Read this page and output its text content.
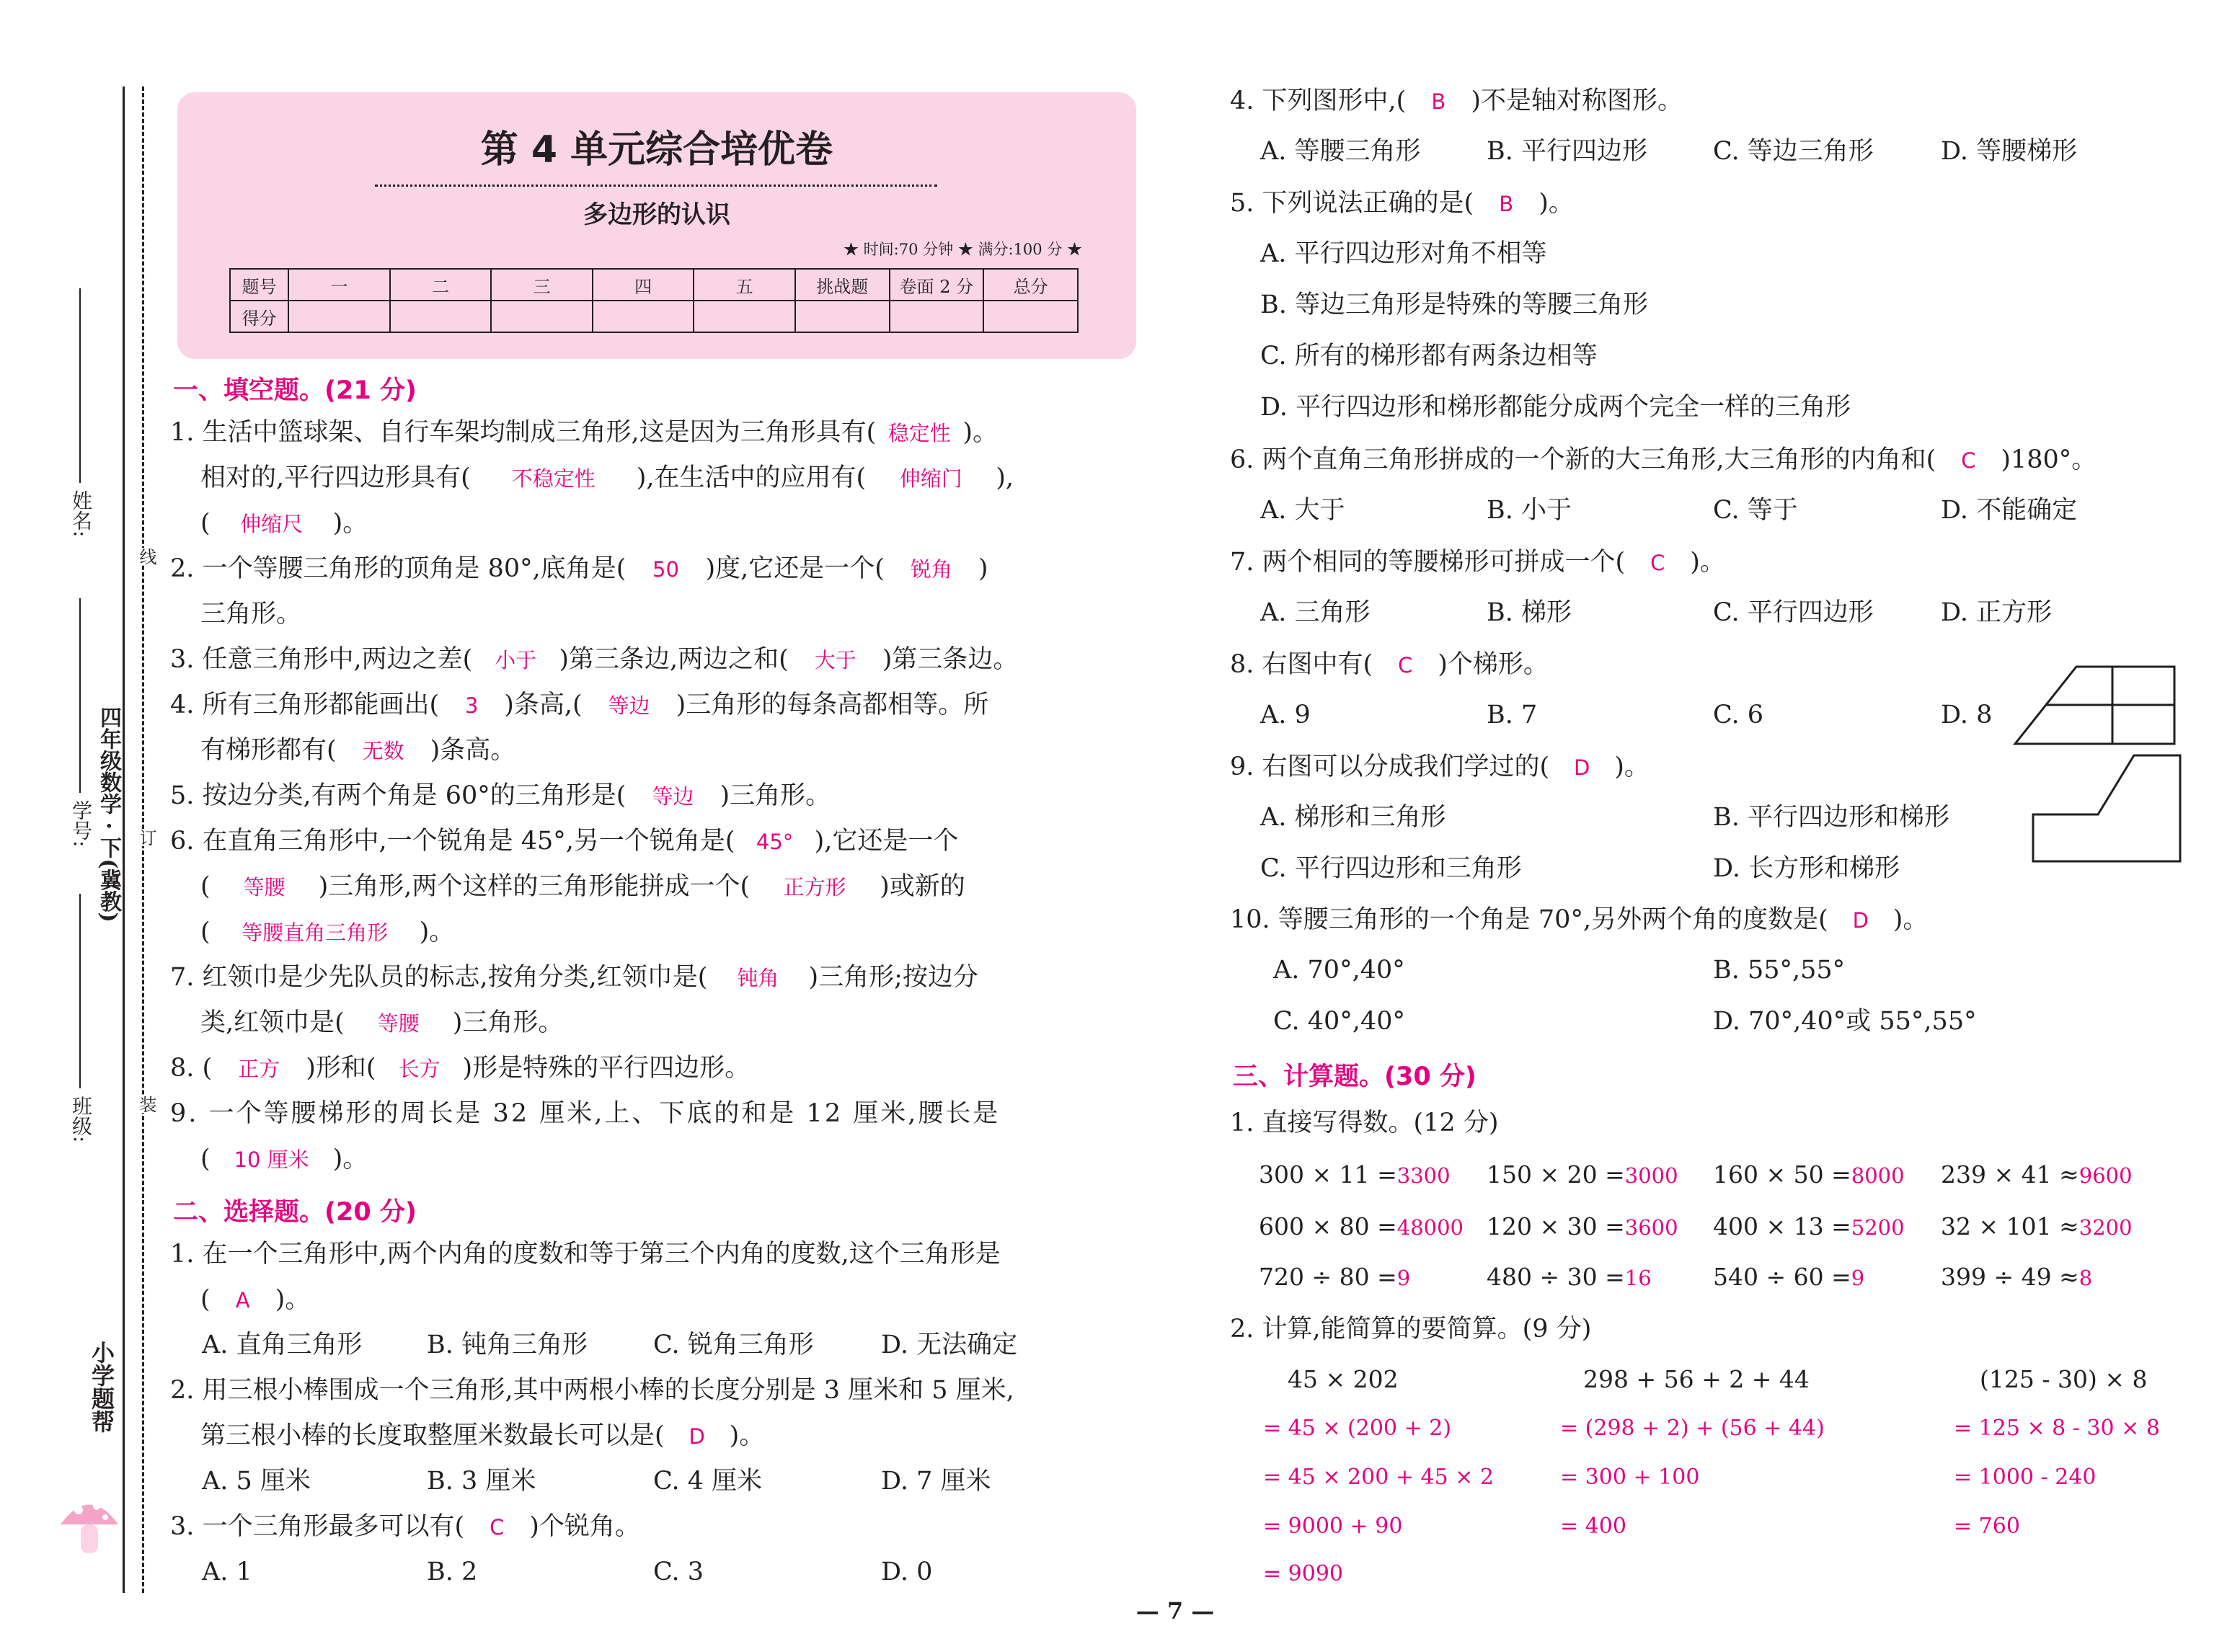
姓名:
学号:
班级:
四年级数学 · 下(冀教)
线
订
装
小学题帮
第 4 单元综合培优卷
多边形的认识
★ 时间:70 分钟 ★ 满分:100 分 ★
题号	一	二	三	四	五	挑战题	卷面 2 分	总分
得分								
一、填空题。(21 分)
1. 生活中篮球架、自行车架均制成三角形,这是因为三角形具有( 稳定性 )。
相对的,平行四边形具有( 不稳定性 ),在生活中的应用有( 伸缩门 ),
( 伸缩尺 )。
2. 一个等腰三角形的顶角是 80°,底角是( 50 )度,它还是一个( 锐角 )
三角形。
3. 任意三角形中,两边之差( 小于 )第三条边,两边之和( 大于 )第三条边。
4. 所有三角形都能画出( 3 )条高,( 等边 )三角形的每条高都相等。所
有梯形都有( 无数 )条高。
5. 按边分类,有两个角是 60°的三角形是( 等边 )三角形。
6. 在直角三角形中,一个锐角是 45°,另一个锐角是( 45° ),它还是一个
( 等腰 )三角形,两个这样的三角形能拼成一个( 正方形 )或新的
( 等腰直角三角形 )。
7. 红领巾是少先队员的标志,按角分类,红领巾是( 钝角 )三角形;按边分
类,红领巾是( 等腰 )三角形。
8. ( 正方 )形和( 长方 )形是特殊的平行四边形。
9. 一个等腰梯形的周长是 32 厘米,上、下底的和是 12 厘米,腰长是
( 10 厘米 )。
二、选择题。(20 分)
1. 在一个三角形中,两个内角的度数和等于第三个内角的度数,这个三角形是
( A )。
A. 直角三角形	B. 钝角三角形	C. 锐角三角形	D. 无法确定
2. 用三根小棒围成一个三角形,其中两根小棒的长度分别是 3 厘米和 5 厘米,
第三根小棒的长度取整厘米数最长可以是( D )。
A. 5 厘米	B. 3 厘米	C. 4 厘米	D. 7 厘米
3. 一个三角形最多可以有( C )个锐角。
A. 1	B. 2	C. 3	D. 0
4. 下列图形中,( B )不是轴对称图形。
A. 等腰三角形	B. 平行四边形	C. 等边三角形	D. 等腰梯形
5. 下列说法正确的是( B )。
A. 平行四边形对角不相等
B. 等边三角形是特殊的等腰三角形
C. 所有的梯形都有两条边相等
D. 平行四边形和梯形都能分成两个完全一样的三角形
6. 两个直角三角形拼成的一个新的大三角形,大三角形的内角和( C )180°。
A. 大于	B. 小于	C. 等于	D. 不能确定
7. 两个相同的等腰梯形可拼成一个( C )。
A. 三角形	B. 梯形	C. 平行四边形	D. 正方形
8. 右图中有( C )个梯形。
A. 9	B. 7	C. 6	D. 8
9. 右图可以分成我们学过的( D )。
A. 梯形和三角形	B. 平行四边形和梯形
C. 平行四边形和三角形	D. 长方形和梯形
10. 等腰三角形的一个角是 70°,另外两个角的度数是( D )。
A. 70°,40°	B. 55°,55°
C. 40°,40°	D. 70°,40°或 55°,55°
三、计算题。(30 分)
1. 直接写得数。(12 分)
300 × 11 =3300 150 × 20 =3000 160 × 50 =8000 239 × 41 ≈9600
600 × 80 =48000 120 × 30 =3600 400 × 13 =5200 32 × 101 ≈3200
720 ÷ 80 =9	480 ÷ 30 =16	540 ÷ 60 =9	399 ÷ 49 ≈8
2. 计算,能简算的要简算。(9 分)
45 × 202
= 45 × (200 + 2)
= 45 × 200 + 45 × 2
= 9000 + 90
= 9090
298 + 56 + 2 + 44
= (298 + 2) + (56 + 44)
= 300 + 100
= 400
(125 - 30) × 8
= 125 × 8 - 30 × 8
= 1000 - 240
= 760
— 7 —
